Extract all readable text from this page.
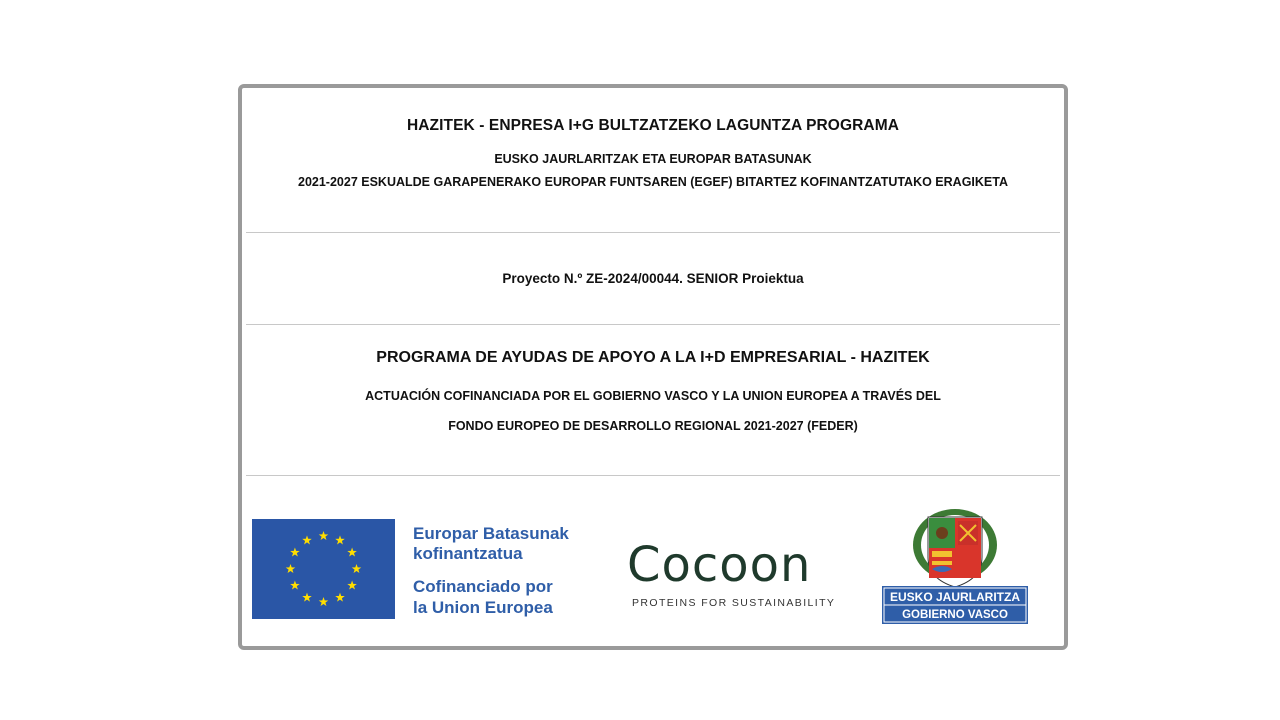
HAZITEK - ENPRESA I+G BULTZATZEKO LAGUNTZA PROGRAMA
EUSKO JAURLARITZAK ETA EUROPAR BATASUNAK
2021-2027 ESKUALDE GARAPENERAKO EUROPAR FUNTSAREN (EGEF) BITARTEZ KOFINANTZATUTAKO ERAGIKETA
Proyecto N.º ZE-2024/00044. SENIOR Proiektua
PROGRAMA DE AYUDAS DE APOYO A LA I+D EMPRESARIAL - HAZITEK
ACTUACIÓN COFINANCIADA POR EL GOBIERNO VASCO Y LA UNION EUROPEA A TRAVÉS DEL
FONDO EUROPEO DE DESARROLLO REGIONAL 2021-2027 (FEDER)
Europar Batasunak
kofinantzatua
Cofinanciado por
la Union Europea
Cocoon
PROTEINS FOR SUSTAINABILITY	EUSKO JAURLARITZA
GOBIERNO VASCO
